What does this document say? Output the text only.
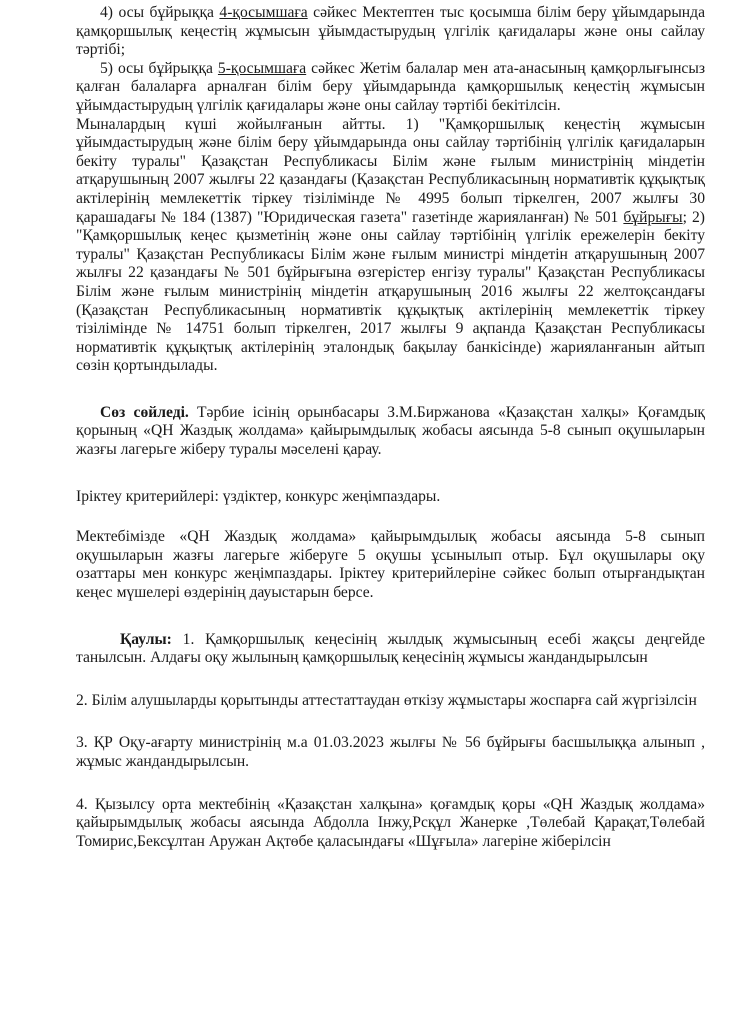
4) осы бұйрыққа 4-қосымшаға сәйкес Мектептен тыс қосымша білім беру ұйымдарында қамқоршылық кеңестің жұмысын ұйымдастырудың үлгілік қағидалары және оны сайлау тәртібі;

5) осы бұйрыққа 5-қосымшаға сәйкес Жетім балалар мен ата-анасының қамқорлығынсыз қалған балаларға арналған білім беру ұйымдарында қамқоршылық кеңестің жұмысын ұйымдастырудың үлгілік қағидалары және оны сайлау тәртібі бекітілсін.

Мыналардың күші жойылғанын айтты. 1) "Қамқоршылық кеңестің жұмысын ұйымдастырудың және білім беру ұйымдарында оны сайлау тәртібінің үлгілік қағидаларын бекіту туралы" Қазақстан Республикасы Білім және ғылым министрінің міндетін атқарушының 2007 жылғы 22 қазандағы (Қазақстан Республикасының нормативтік құқықтық актілерінің мемлекеттік тіркеу тізілімінде № 4995 болып тіркелген, 2007 жылғы 30 қарашадағы № 184 (1387) "Юридическая газета" газетінде жарияланған) № 501 бұйрығы; 2) "Қамқоршылық кеңес қызметінің және оны сайлау тәртібінің үлгілік ережелерін бекіту туралы" Қазақстан Республикасы Білім және ғылым министрі міндетін атқарушының 2007 жылғы 22 қазандағы № 501 бұйрығына өзгерістер енгізу туралы" Қазақстан Республикасы Білім және ғылым министрінің міндетін атқарушының 2016 жылғы 22 желтоқсандағы (Қазақстан Республикасының нормативтік құқықтық актілерінің мемлекеттік тіркеу тізілімінде № 14751 болып тіркелген, 2017 жылғы 9 ақпанда Қазақстан Республикасы нормативтік құқықтық актілерінің эталондық бақылау банкісінде) жарияланғанын айтып сөзін қортындылады.

Сөз сөйледі. Тәрбие ісінің орынбасары З.М.Биржанова «Қазақстан халқы» Қоғамдық қорының «QH Жаздық жолдама» қайырымдылық жобасы аясында 5-8 сынып оқушыларын жазғы лагерьге жіберу туралы мәселені қарау.

Іріктеу критерийлері: үздіктер, конкурс жеңімпаздары.

Мектебімізде «QH Жаздық жолдама» қайырымдылық жобасы аясында 5-8 сынып оқушыларын жазғы лагерьге жіберуге 5 оқушы ұсынылып отыр. Бұл оқушылары оқу озаттары мен конкурс жеңімпаздары. Іріктеу критерийлеріне сәйкес болып отырғандықтан кеңес мүшелері өздерінің дауыстарын берсе.

Қаулы: 1. Қамқоршылық кеңесінің жылдық жұмысының есебі жақсы деңгейде танылсын. Алдағы оқу жылының қамқоршылық кеңесінің жұмысы жандандырылсын

2. Білім алушыларды қорытынды аттестаттаудан өткізу жұмыстары жоспарға сай жүргізілсін

3. ҚР Оқу-ағарту министрінің м.а 01.03.2023 жылғы № 56 бұйрығы басшылыққа алынып , жұмыс жандандырылсын.

4. Қызылсу орта мектебінің «Қазақстан халқына» қоғамдық қоры «QH Жаздық жолдама» қайырымдылық жобасы аясында Абдолла Інжу,Рсқұл Жанерке ,Төлебай Қарақат,Төлебай Томирис,Бексұлтан Аружан Ақтөбе қаласындағы «Шұғыла» лагеріне жіберілсін
